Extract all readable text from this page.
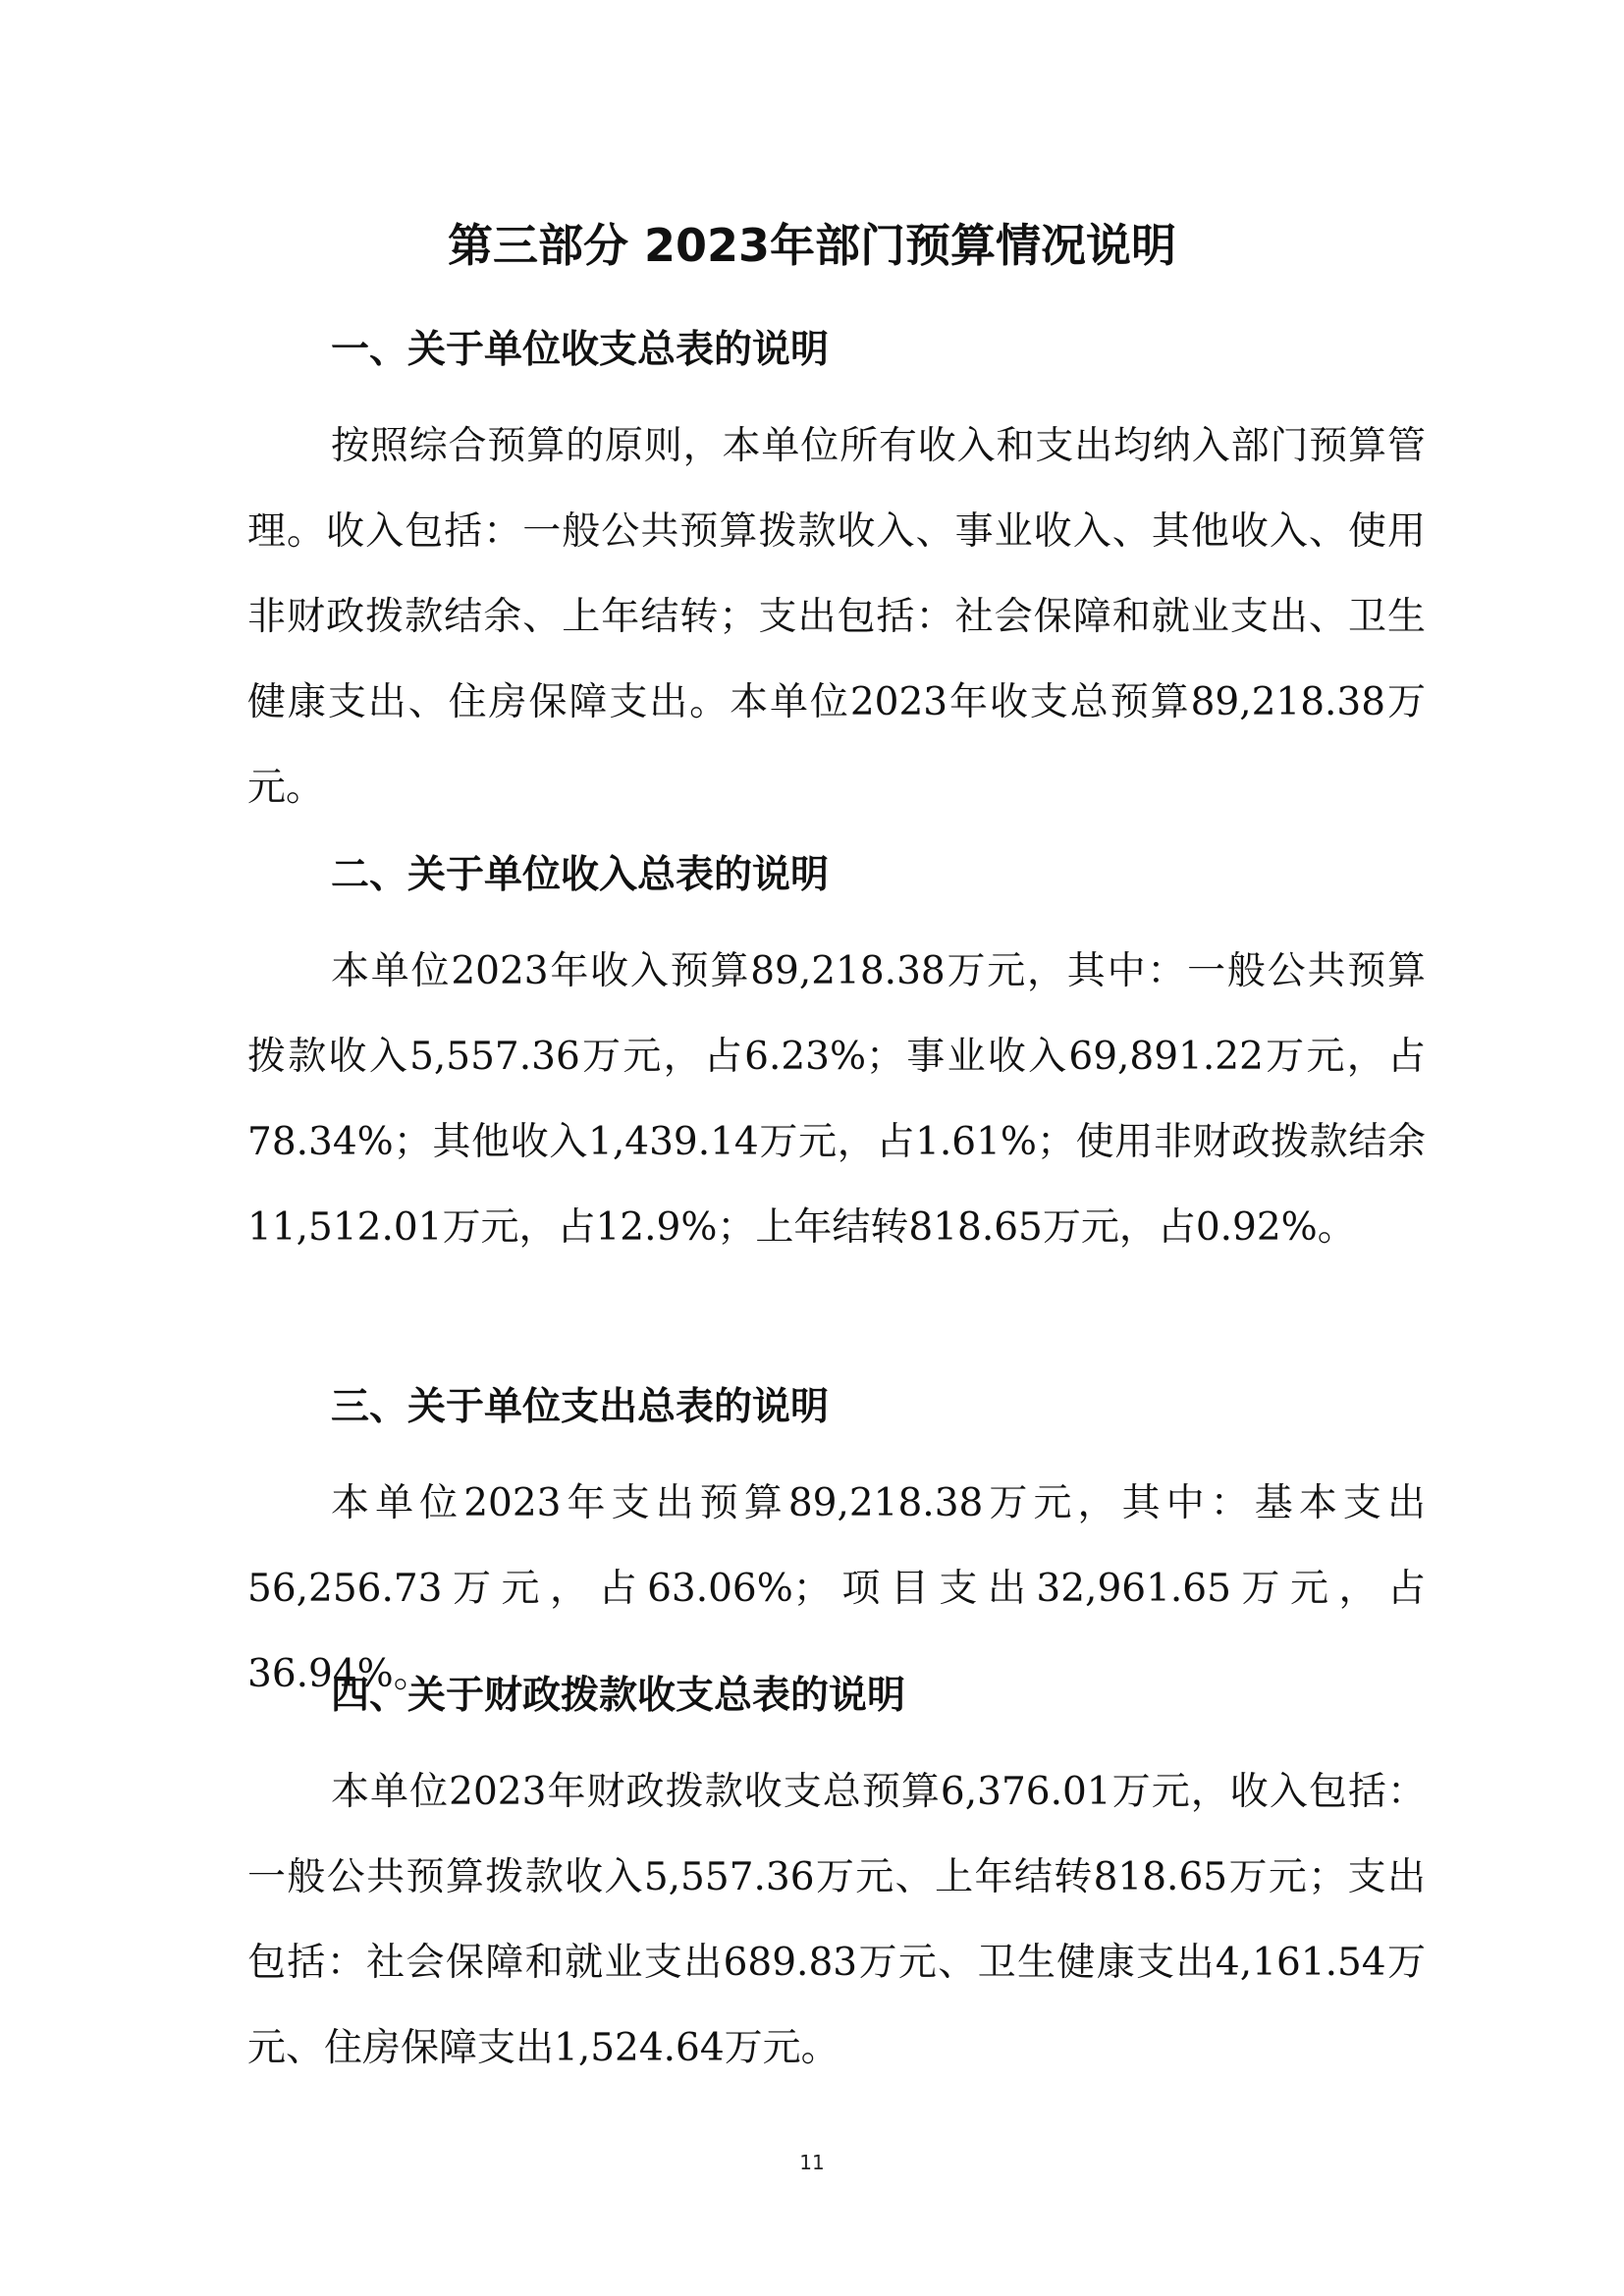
第三部分 2023年部门预算情况说明
一、关于单位收支总表的说明

按照综合预算的原则，本单位所有收入和支出均纳入部门预算管理。收入包括：一般公共预算拨款收入、事业收入、其他收入、使用非财政拨款结余、上年结转；支出包括：社会保障和就业支出、卫生健康支出、住房保障支出。本单位2023年收支总预算89,218.38万元。

二、关于单位收入总表的说明

本单位2023年收入预算89,218.38万元，其中：一般公共预算拨款收入5,557.36万元，占6.23%；事业收入69,891.22万元，占78.34%；其他收入1,439.14万元，占1.61%；使用非财政拨款结余11,512.01万元，占12.9%；上年结转818.65万元，占0.92%。

三、关于单位支出总表的说明

本单位2023年支出预算89,218.38万元，其中：基本支出56,256.73万元，占63.06%；项目支出32,961.65万元，占36.94%。

四、关于财政拨款收支总表的说明

本单位2023年财政拨款收支总预算6,376.01万元，收入包括：一般公共预算拨款收入5,557.36万元、上年结转818.65万元；支出包括：社会保障和就业支出689.83万元、卫生健康支出4,161.54万元、住房保障支出1,524.64万元。

11
